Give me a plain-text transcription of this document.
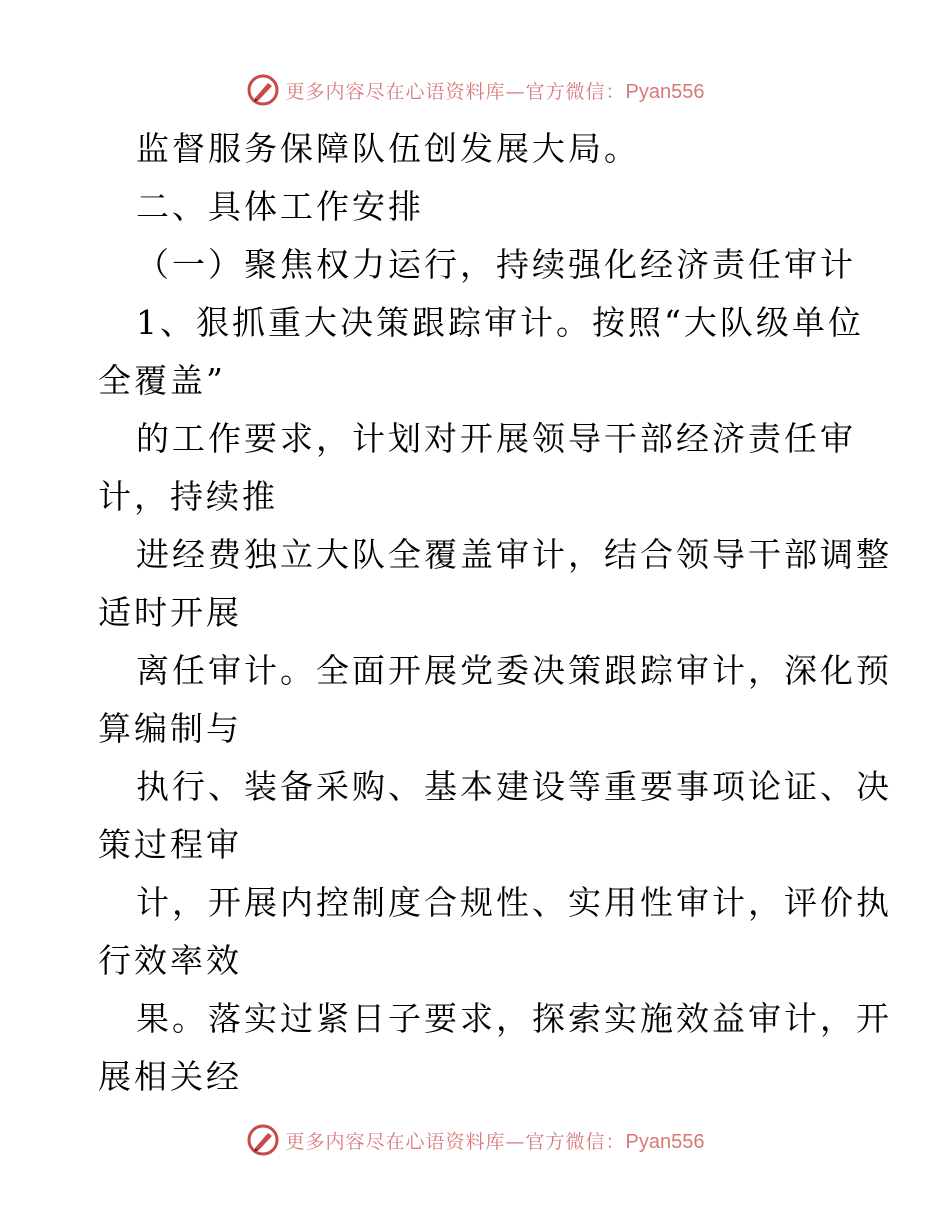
更多内容尽在心语资料库—官方微信：Pyan556
监督服务保障队伍创发展大局。
二、具体工作安排
（一）聚焦权力运行，持续强化经济责任审计
1、狠抓重大决策跟踪审计。按照“大队级单位
全覆盖”
的工作要求，计划对开展领导干部经济责任审
计，持续推
进经费独立大队全覆盖审计，结合领导干部调整
适时开展
离任审计。全面开展党委决策跟踪审计，深化预
算编制与
执行、装备采购、基本建设等重要事项论证、决
策过程审
计，开展内控制度合规性、实用性审计，评价执
行效率效
果。落实过紧日子要求，探索实施效益审计，开
展相关经
更多内容尽在心语资料库—官方微信：Pyan556
